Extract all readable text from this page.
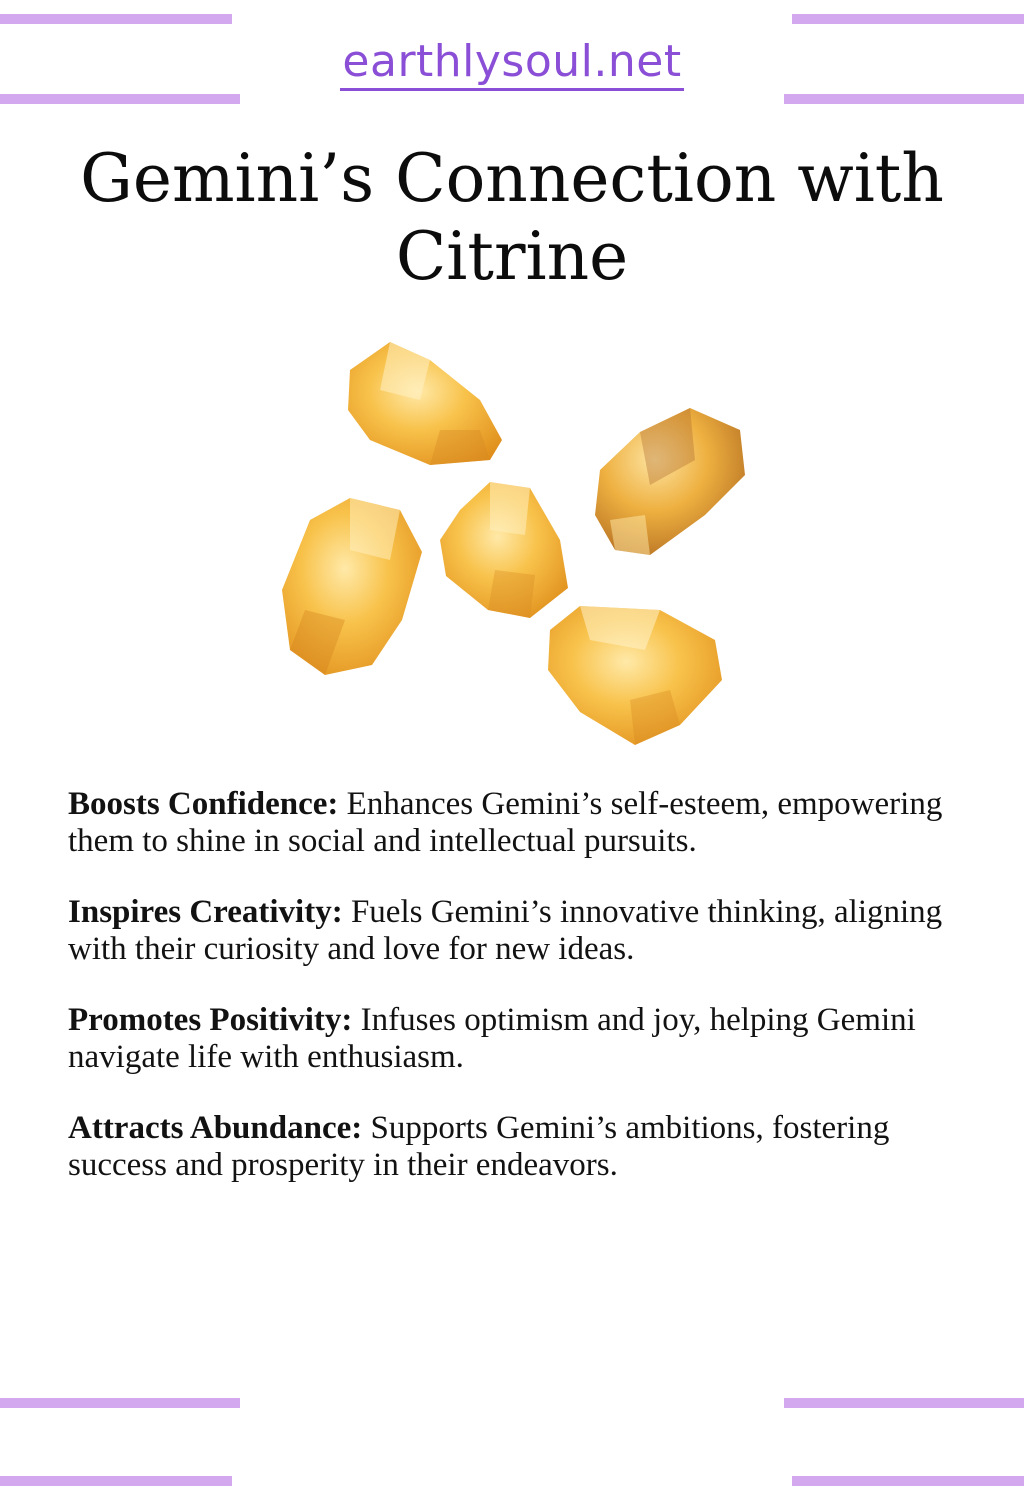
earthlysoul.net
Gemini’s Connection with Citrine

Boosts Confidence: Enhances Gemini’s self-esteem, empowering them to shine in social and intellectual pursuits.

Inspires Creativity: Fuels Gemini’s innovative thinking, aligning with their curiosity and love for new ideas.

Promotes Positivity: Infuses optimism and joy, helping Gemini navigate life with enthusiasm.

Attracts Abundance: Supports Gemini’s ambitions, fostering success and prosperity in their endeavors.
